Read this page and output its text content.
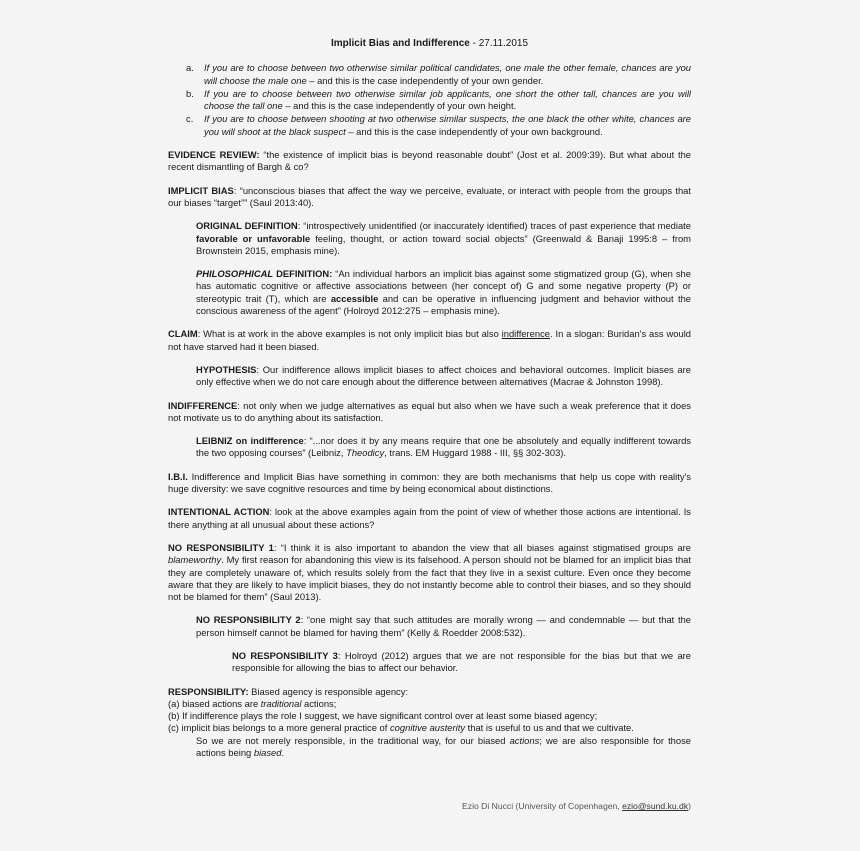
Implicit Bias and Indifference - 27.11.2015
a.	If you are to choose between two otherwise similar political candidates, one male the other female, chances are you will choose the male one – and this is the case independently of your own gender.
b.	If you are to choose between two otherwise similar job applicants, one short the other tall, chances are you will choose the tall one – and this is the case independently of your own height.
c.	If you are to choose between shooting at two otherwise similar suspects, the one black the other white, chances are you will shoot at the black suspect – and this is the case independently of your own background.

EVIDENCE REVIEW: “the existence of implicit bias is beyond reasonable doubt” (Jost et al. 2009:39). But what about the recent dismantling of Bargh & co?

IMPLICIT BIAS: “unconscious biases that affect the way we perceive, evaluate, or interact with people from the groups that our biases “target”” (Saul 2013:40).

ORIGINAL DEFINITION: “introspectively unidentified (or inaccurately identified) traces of past experience that mediate favorable or unfavorable feeling, thought, or action toward social objects” (Greenwald & Banaji 1995:8 – from Brownstein 2015, emphasis mine).

PHILOSOPHICAL DEFINITION: “An individual harbors an implicit bias against some stigmatized group (G), when she has automatic cognitive or affective associations between (her concept of) G and some negative property (P) or stereotypic trait (T), which are accessible and can be operative in influencing judgment and behavior without the conscious awareness of the agent” (Holroyd 2012:275 – emphasis mine).

CLAIM: What is at work in the above examples is not only implicit bias but also indifference. In a slogan: Buridan's ass would not have starved had it been biased.

HYPOTHESIS: Our indifference allows implicit biases to affect choices and behavioral outcomes. Implicit biases are only effective when we do not care enough about the difference between alternatives (Macrae & Johnston 1998).

INDIFFERENCE: not only when we judge alternatives as equal but also when we have such a weak preference that it does not motivate us to do anything about its satisfaction.

LEIBNIZ on indifference: “...nor does it by any means require that one be absolutely and equally indifferent towards the two opposing courses” (Leibniz, Theodicy, trans. EM Huggard 1988 - III, §§ 302-303).

I.B.I. Indifference and Implicit Bias have something in common: they are both mechanisms that help us cope with reality's huge diversity: we save cognitive resources and time by being economical about distinctions.

INTENTIONAL ACTION: look at the above examples again from the point of view of whether those actions are intentional. Is there anything at all unusual about these actions?

NO RESPONSIBILITY 1: “I think it is also important to abandon the view that all biases against stigmatised groups are blameworthy. My first reason for abandoning this view is its falsehood. A person should not be blamed for an implicit bias that they are completely unaware of, which results solely from the fact that they live in a sexist culture. Even once they become aware that they are likely to have implicit biases, they do not instantly become able to control their biases, and so they should not be blamed for them” (Saul 2013).

NO RESPONSIBILITY 2: “one might say that such attitudes are morally wrong — and condemnable — but that the person himself cannot be blamed for having them” (Kelly & Roedder 2008:532).

NO RESPONSIBILITY 3: Holroyd (2012) argues that we are not responsible for the bias but that we are responsible for allowing the bias to affect our behavior.

RESPONSIBILITY: Biased agency is responsible agency:

(a) biased actions are traditional actions;

(b) If indifference plays the role I suggest, we have significant control over at least some biased agency;

(c) implicit bias belongs to a more general practice of cognitive austerity that is useful to us and that we cultivate.

So we are not merely responsible, in the traditional way, for our biased actions; we are also responsible for those actions being biased.

Ezio Di Nucci (University of Copenhagen, ezio@sund.ku.dk)
